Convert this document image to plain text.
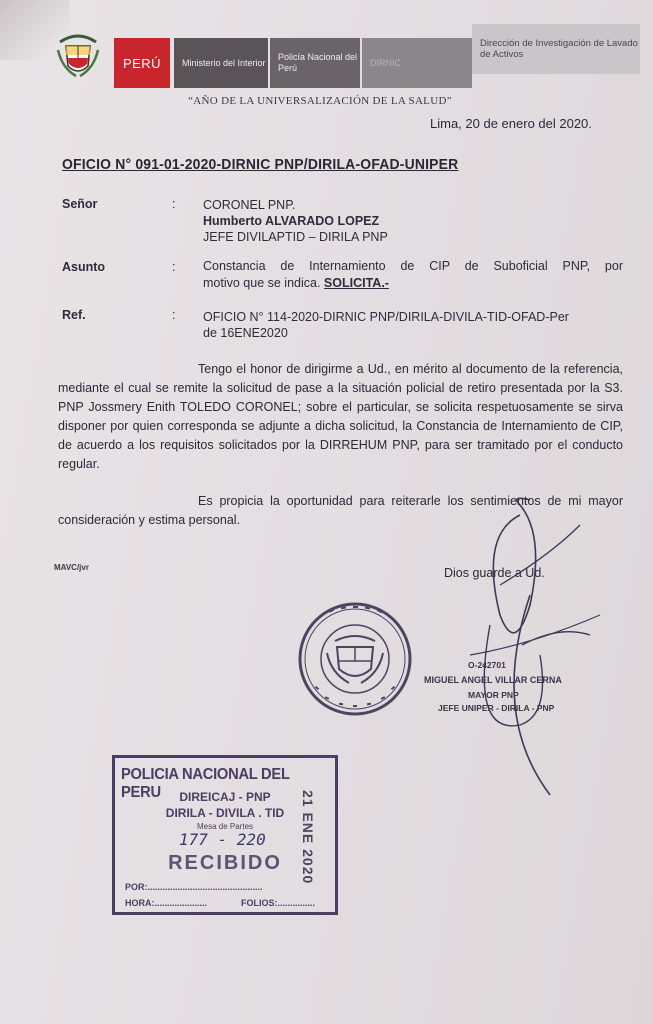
PERÚ	Ministerio del Interior
Policía Nacional del Perú
DIRNIC
Dirección de Investigación de Lavado de Activos
“AÑO DE LA UNIVERSALIZACIÓN DE LA SALUD”
Lima, 20 de enero del 2020.
OFICIO N° 091-01-2020-DIRNIC PNP/DIRILA-OFAD-UNIPER
Señor	: CORONEL PNP.
Humberto ALVARADO LOPEZ
JEFE DIVILAPTID – DIRILA PNP
Asunto	: Constancia de Internamiento de CIP de Suboficial PNP, por
motivo que se indica. SOLICITA.-
Ref.	: OFICIO N° 114-2020-DIRNIC PNP/DIRILA-DIVILA-TID-OFAD-Per
de 16ENE2020
Tengo el honor de dirigirme a Ud., en mérito al documento de la referencia, mediante el cual se remite la solicitud de pase a la situación policial de retiro presentada por la S3. PNP Jossmery Enith TOLEDO CORONEL; sobre el particular, se solicita respetuosamente se sirva disponer por quien corresponda se adjunte a dicha solicitud, la Constancia de Internamiento de CIP, de acuerdo a los requisitos solicitados por la DIRREHUM PNP, para ser tramitado por el conducto regular.
Es propicia la oportunidad para reiterarle los sentimientos de mi mayor consideración y estima personal.
MAVC/jvr	Dios guarde a Ud.
O-242701
MIGUEL ANGEL VILLAR CERNA
MAYOR PNP
JEFE UNIPER - DIRILA - PNP
POLICIA NACIONAL DEL PERU	DIREICAJ - PNP
DIRILA - DIVILA . TID
Mesa de Partes
177 - 220
RECIBIDO
POR:..............................................
HORA:.....................	FOLIOS:...............
21 ENE 2020
